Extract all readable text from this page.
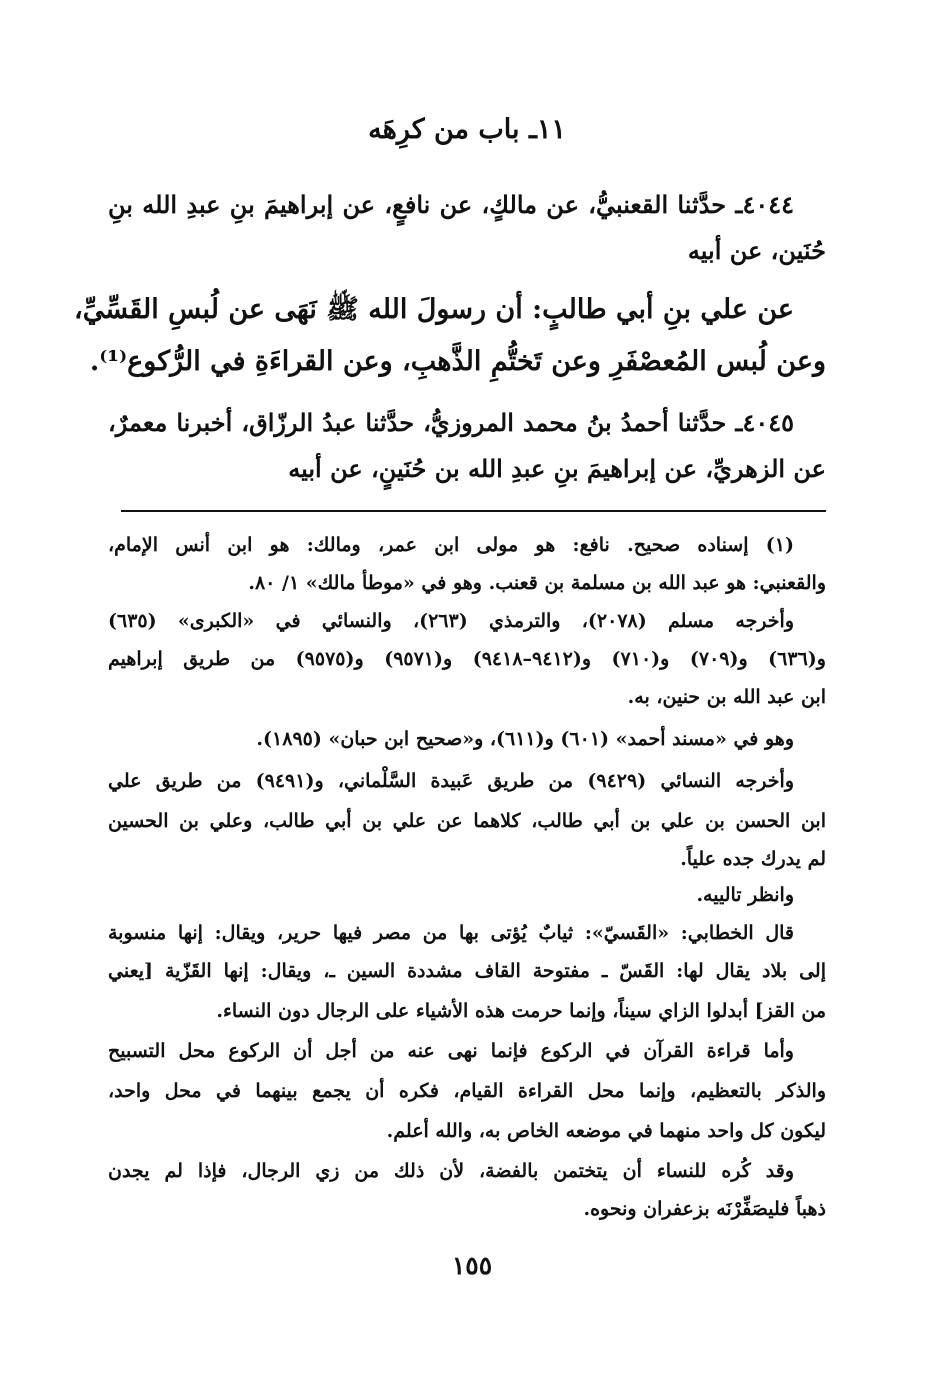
١١ـ باب من كرِهَه
٤٠٤٤ـ حدَّثنا القعنبيُّ، عن مالكٍ، عن نافعٍ، عن إبراهيمَ بنِ عبدِ الله بنِ
حُنَين، عن أبيه
عن علي بنِ أبي طالبٍ: أن رسولَ الله ﷺ نَهَى عن لُبسِ القَسِّيِّ،
وعن لُبس المُعصْفَرِ وعن تَختُّمِ الذَّهبِ، وعن القراءَةِ في الرُّكوع⁽¹⁾.
٤٠٤٥ـ حدَّثنا أحمدُ بنُ محمد المروزيُّ، حدَّثنا عبدُ الرزّاق، أخبرنا معمرٌ،
عن الزهريِّ، عن إبراهيمَ بنِ عبدِ الله بن حُنَينٍ، عن أبيه
(١) إسناده صحيح. نافع: هو مولى ابن عمر، ومالك: هو ابن أنس الإمام،
والقعنبي: هو عبد الله بن مسلمة بن قعنب. وهو في «موطأ مالك» ١/ ٨٠.
وأخرجه مسلم (٢٠٧٨)، والترمذي (٢٦٣)، والنسائي في «الكبرى» (٦٣٥)
و(٦٣٦) و(٧٠٩) و(٧١٠) و(٩٤١٢–٩٤١٨) و(٩٥٧١) و(٩٥٧٥) من طريق إبراهيم
ابن عبد الله بن حنين، به.
وهو في «مسند أحمد» (٦٠١) و(٦١١)، و«صحيح ابن حبان» (١٨٩٥).
وأخرجه النسائي (٩٤٢٩) من طريق عَبيدة السَّلْماني، و(٩٤٩١) من طريق علي
ابن الحسن بن علي بن أبي طالب، كلاهما عن علي بن أبي طالب، وعلي بن الحسين
لم يدرك جده علياً.
وانظر تالييه.
قال الخطابي: «القَسيّ»: ثيابٌ يُؤتى بها من مصر فيها حرير، ويقال: إنها منسوبة
إلى بلاد يقال لها: القَسّ ـ مفتوحة القاف مشددة السين ـ، ويقال: إنها القَزّية [يعني
من القز] أبدلوا الزاي سيناً، وإنما حرمت هذه الأشياء على الرجال دون النساء.
وأما قراءة القرآن في الركوع فإنما نهى عنه من أجل أن الركوع محل التسبيح
والذكر بالتعظيم، وإنما محل القراءة القيام، فكره أن يجمع بينهما في محل واحد،
ليكون كل واحد منهما في موضعه الخاص به، والله أعلم.
وقد كُره للنساء أن يتختمن بالفضة، لأن ذلك من زي الرجال، فإذا لم يجدن
ذهباً فليصَفِّرْنَه بزعفران ونحوه.
١٥٥
